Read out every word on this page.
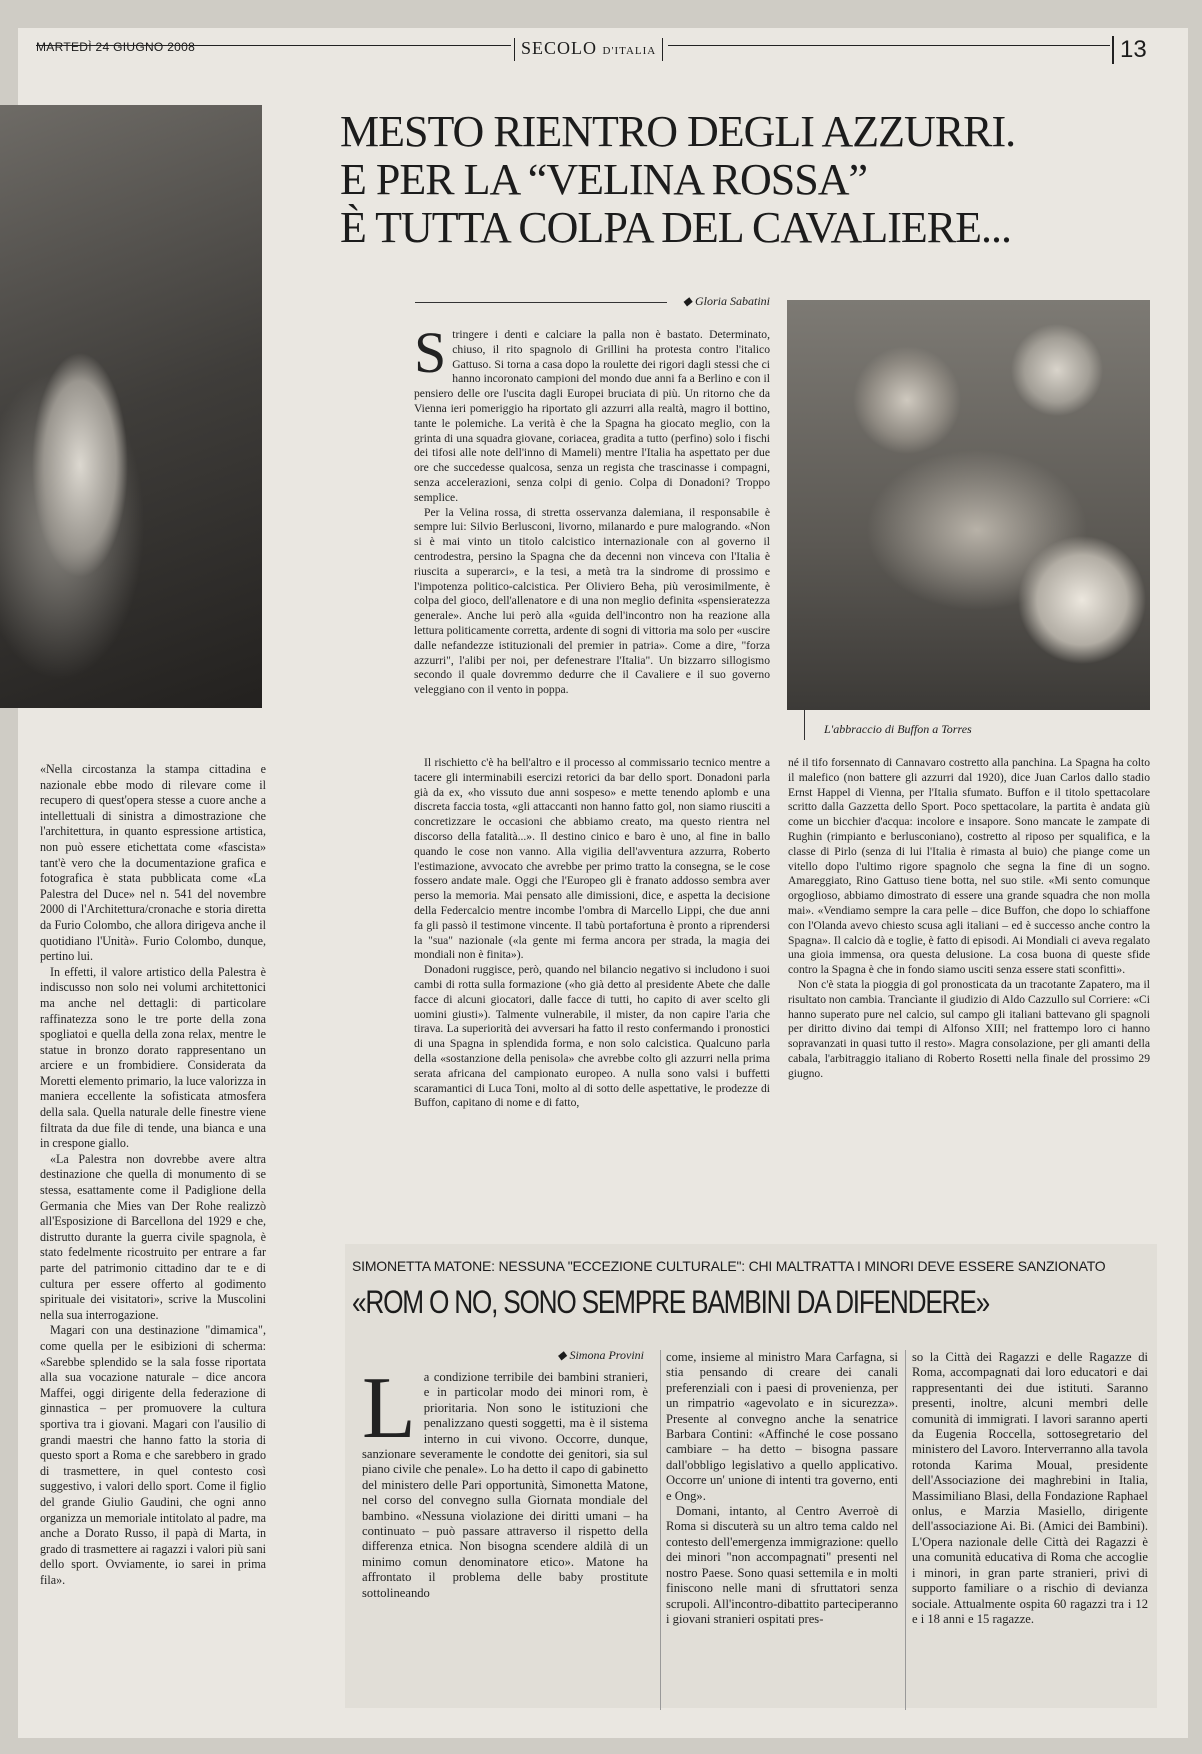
MARTEDÌ 24 GIUGNO 2008	SECOLO D'ITALIA	13
L'abbraccio di Buffon a Torres
MESTO RIENTRO DEGLI AZZURRI.
E PER LA “VELINA ROSSA”
È TUTTA COLPA DEL CAVALIERE...
◆ Gloria Sabatini

Stringere i denti e calciare la palla non è bastato. Determinato, chiuso, il rito spagnolo di Grillini ha protesta contro l'italico Gattuso. Si torna a casa dopo la roulette dei rigori dagli stessi che ci hanno incoronato campioni del mondo due anni fa a Berlino e con il pensiero delle ore l'uscita dagli Europei bruciata di più. Un ritorno che da Vienna ieri pomeriggio ha riportato gli azzurri alla realtà, magro il bottino, tante le polemiche. La verità è che la Spagna ha giocato meglio, con la grinta di una squadra giovane, coriacea, gradita a tutto (perfino) solo i fischi dei tifosi alle note dell'inno di Mameli) mentre l'Italia ha aspettato per due ore che succedesse qualcosa, senza un regista che trascinasse i compagni, senza accelerazioni, senza colpi di genio. Colpa di Donadoni? Troppo semplice.

Per la Velina rossa, di stretta osservanza dalemiana, il responsabile è sempre lui: Silvio Berlusconi, livorno, milanardo e pure malogrando. «Non si è mai vinto un titolo calcistico internazionale con al governo il centrodestra, persino la Spagna che da decenni non vinceva con l'Italia è riuscita a superarci», e la tesi, a metà tra la sindrome di prossimo e l'impotenza politico-calcistica. Per Oliviero Beha, più verosimilmente, è colpa del gioco, dell'allenatore e di una non meglio definita «spensieratezza generale». Anche lui però alla «guida dell'incontro non ha reazione alla lettura politicamente corretta, ardente di sogni di vittoria ma solo per «uscire dalle nefandezze istituzionali del premier in patria». Come a dire, "forza azzurri", l'alibi per noi, per defenestrare l'Italia". Un bizzarro sillogismo secondo il quale dovremmo dedurre che il Cavaliere e il suo governo veleggiano con il vento in poppa.

Il rischietto c'è ha bell'altro e il processo al commissario tecnico mentre a tacere gli interminabili esercizi retorici da bar dello sport. Donadoni parla già da ex, «ho vissuto due anni sospeso» e mette tenendo aplomb e una discreta faccia tosta, «gli attaccanti non hanno fatto gol, non siamo riusciti a concretizzare le occasioni che abbiamo creato, ma questo rientra nel discorso della fatalità...». Il destino cinico e baro è uno, al fine in ballo quando le cose non vanno. Alla vigilia dell'avventura azzurra, Roberto l'estimazione, avvocato che avrebbe per primo tratto la consegna, se le cose fossero andate male. Oggi che l'Europeo gli è franato addosso sembra aver perso la memoria. Mai pensato alle dimissioni, dice, e aspetta la decisione della Federcalcio mentre incombe l'ombra di Marcello Lippi, che due anni fa gli passò il testimone vincente. Il tabù portafortuna è pronto a riprendersi la "sua" nazionale («la gente mi ferma ancora per strada, la magia dei mondiali non è finita»).

Donadoni ruggisce, però, quando nel bilancio negativo si includono i suoi cambi di rotta sulla formazione («ho già detto al presidente Abete che dalle facce di alcuni giocatori, dalle facce di tutti, ho capito di aver scelto gli uomini giusti»). Talmente vulnerabile, il mister, da non capire l'aria che tirava. La superiorità dei avversari ha fatto il resto confermando i pronostici di una Spagna in splendida forma, e non solo calcistica. Qualcuno parla della «sostanzione della penisola» che avrebbe colto gli azzurri nella prima serata africana del campionato europeo. A nulla sono valsi i buffetti scaramantici di Luca Toni, molto al di sotto delle aspettative, le prodezze di Buffon, capitano di nome e di fatto,

né il tifo forsennato di Cannavaro costretto alla panchina. La Spagna ha colto il malefico (non battere gli azzurri dal 1920), dice Juan Carlos dallo stadio Ernst Happel di Vienna, per l'Italia sfumato. Buffon e il titolo spettacolare scritto dalla Gazzetta dello Sport. Poco spettacolare, la partita è andata giù come un bicchier d'acqua: incolore e insapore. Sono mancate le zampate di Rughin (rimpianto e berlusconiano), costretto al riposo per squalifica, e la classe di Pirlo (senza di lui l'Italia è rimasta al buio) che piange come un vitello dopo l'ultimo rigore spagnolo che segna la fine di un sogno. Amareggiato, Rino Gattuso tiene botta, nel suo stile. «Mi sento comunque orgoglioso, abbiamo dimostrato di essere una grande squadra che non molla mai». «Vendiamo sempre la cara pelle – dice Buffon, che dopo lo schiaffone con l'Olanda avevo chiesto scusa agli italiani – ed è successo anche contro la Spagna». Il calcio dà e toglie, è fatto di episodi. Ai Mondiali ci aveva regalato una gioia immensa, ora questa delusione. La cosa buona di queste sfide contro la Spagna è che in fondo siamo usciti senza essere stati sconfitti».

Non c'è stata la pioggia di gol pronosticata da un tracotante Zapatero, ma il risultato non cambia. Trancìante il giudizio di Aldo Cazzullo sul Corriere: «Ci hanno superato pure nel calcio, sul campo gli italiani battevano gli spagnoli per diritto divino dai tempi di Alfonso XIII; nel frattempo loro ci hanno sopravanzati in quasi tutto il resto». Magra consolazione, per gli amanti della cabala, l'arbitraggio italiano di Roberto Rosetti nella finale del prossimo 29 giugno.

«Nella circostanza la stampa cittadina e nazionale ebbe modo di rilevare come il recupero di quest'opera stesse a cuore anche a intellettuali di sinistra a dimostrazione che l'architettura, in quanto espressione artistica, non può essere etichettata come «fascista» tant'è vero che la documentazione grafica e fotografica è stata pubblicata come «La Palestra del Duce» nel n. 541 del novembre 2000 di l'Architettura/cronache e storia diretta da Furio Colombo, che allora dirigeva anche il quotidiano l'Unità». Furio Colombo, dunque, pertino lui.

In effetti, il valore artistico della Palestra è indiscusso non solo nei volumi architettonici ma anche nel dettagli: di particolare raffinatezza sono le tre porte della zona spogliatoi e quella della zona relax, mentre le statue in bronzo dorato rappresentano un arciere e un frombidiere. Considerata da Moretti elemento primario, la luce valorizza in maniera eccellente la sofisticata atmosfera della sala. Quella naturale delle finestre viene filtrata da due file di tende, una bianca e una in crespone giallo.

«La Palestra non dovrebbe avere altra destinazione che quella di monumento di se stessa, esattamente come il Padiglione della Germania che Mies van Der Rohe realizzò all'Esposizione di Barcellona del 1929 e che, distrutto durante la guerra civile spagnola, è stato fedelmente ricostruito per entrare a far parte del patrimonio cittadino dar te e di cultura per essere offerto al godimento spirituale dei visitatori», scrive la Muscolini nella sua interrogazione.

Magari con una destinazione "dimamica", come quella per le esibizioni di scherma: «Sarebbe splendido se la sala fosse riportata alla sua vocazione naturale – dice ancora Maffei, oggi dirigente della federazione di ginnastica – per promuovere la cultura sportiva tra i giovani. Magari con l'ausilio di grandi maestri che hanno fatto la storia di questo sport a Roma e che sarebbero in grado di trasmettere, in quel contesto così suggestivo, i valori dello sport. Come il figlio del grande Giulio Gaudini, che ogni anno organizza un memoriale intitolato al padre, ma anche a Dorato Russo, il papà di Marta, in grado di trasmettere ai ragazzi i valori più sani dello sport. Ovviamente, io sarei in prima fila».

SIMONETTA MATONE: NESSUNA "ECCEZIONE CULTURALE": CHI MALTRATTA I MINORI DEVE ESSERE SANZIONATO
«ROM O NO, SONO SEMPRE BAMBINI DA DIFENDERE»
◆ Simona Provini

La condizione terribile dei bambini stranieri, e in particolar modo dei minori rom, è prioritaria. Non sono le istituzioni che penalizzano questi soggetti, ma è il sistema interno in cui vivono. Occorre, dunque, sanzionare severamente le condotte dei genitori, sia sul piano civile che penale». Lo ha detto il capo di gabinetto del ministero delle Pari opportunità, Simonetta Matone, nel corso del convegno sulla Giornata mondiale del bambino. «Nessuna violazione dei diritti umani – ha continuato – può passare attraverso il rispetto della differenza etnica. Non bisogna scendere aldilà di un minimo comun denominatore etico». Matone ha affrontato il problema delle baby prostitute sottolineando

come, insieme al ministro Mara Carfagna, si stia pensando di creare dei canali preferenziali con i paesi di provenienza, per un rimpatrio «agevolato e in sicurezza». Presente al convegno anche la senatrice Barbara Contini: «Affinché le cose possano cambiare – ha detto – bisogna passare dall'obbligo legislativo a quello applicativo. Occorre un' unione di intenti tra governo, enti e Ong».

Domani, intanto, al Centro Averroè di Roma si discuterà su un altro tema caldo nel contesto dell'emergenza immigrazione: quello dei minori "non accompagnati" presenti nel nostro Paese. Sono quasi settemila e in molti finiscono nelle mani di sfruttatori senza scrupoli. All'incontro-dibattito parteciperanno i giovani stranieri ospitati pres-

so la Città dei Ragazzi e delle Ragazze di Roma, accompagnati dai loro educatori e dai rappresentanti dei due istituti. Saranno presenti, inoltre, alcuni membri delle comunità di immigrati. I lavori saranno aperti da Eugenia Roccella, sottosegretario del ministero del Lavoro. Interverranno alla tavola rotonda Karima Moual, presidente dell'Associazione dei maghrebini in Italia, Massimiliano Blasi, della Fondazione Raphael onlus, e Marzia Masiello, dirigente dell'associazione Ai. Bi. (Amici dei Bambini). L'Opera nazionale delle Città dei Ragazzi è una comunità educativa di Roma che accoglie i minori, in gran parte stranieri, privi di supporto familiare o a rischio di devianza sociale. Attualmente ospita 60 ragazzi tra i 12 e i 18 anni e 15 ragazze.
